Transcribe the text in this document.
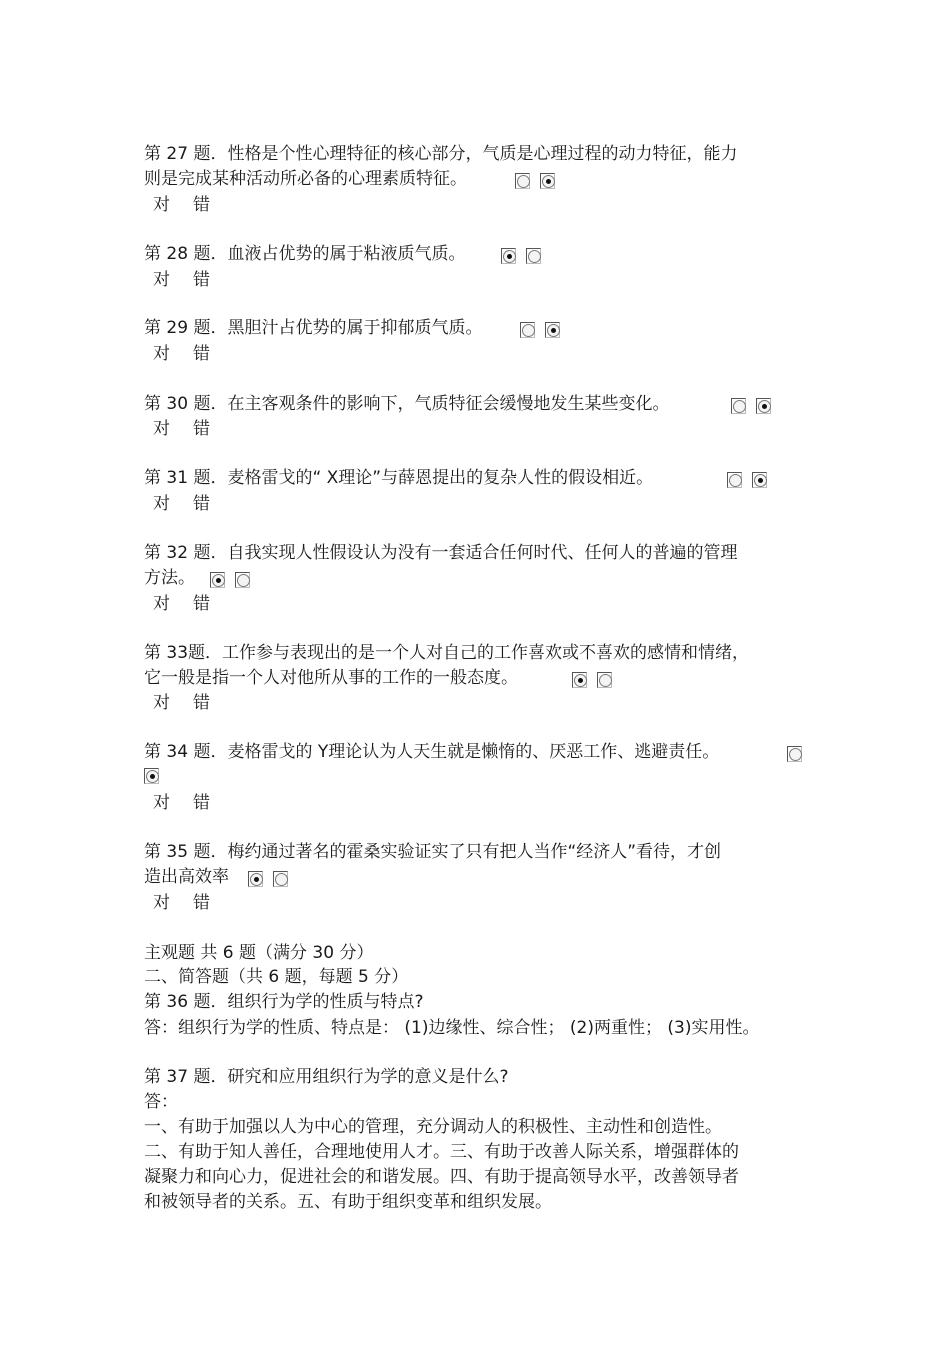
第 27 题．性格是个性心理特征的核心部分，气质是心理过程的动力特征，能力
则是完成某种活动所必备的心理素质特征。
对 错
第 28 题．血液占优势的属于粘液质气质。
对 错
第 29 题．黑胆汁占优势的属于抑郁质气质。
对 错
第 30 题．在主客观条件的影响下，气质特征会缓慢地发生某些变化。
对 错
第 31 题．麦格雷戈的“ X理论”与薛恩提出的复杂人性的假设相近。
对 错
第 32 题．自我实现人性假设认为没有一套适合任何时代、任何人的普遍的管理
方法。
对 错
第 33题．工作参与表现出的是一个人对自己的工作喜欢或不喜欢的感情和情绪，
它一般是指一个人对他所从事的工作的一般态度。
对 错
第 34 题．麦格雷戈的 Y理论认为人天生就是懒惰的、厌恶工作、逃避责任。
对 错
第 35 题．梅约通过著名的霍桑实验证实了只有把人当作“经济人”看待，才创
造出高效率
对 错
主观题 共 6 题（满分 30 分）
二、简答题（共 6 题，每题 5 分）
第 36 题．组织行为学的性质与特点?
答：组织行为学的性质、特点是： (1)边缘性、综合性； (2)两重性； (3)实用性。
第 37 题．研究和应用组织行为学的意义是什么?
答：
一、有助于加强以人为中心的管理，充分调动人的积极性、主动性和创造性。
二、有助于知人善任，合理地使用人才。三、有助于改善人际关系，增强群体的
凝聚力和向心力，促进社会的和谐发展。四、有助于提高领导水平，改善领导者
和被领导者的关系。五、有助于组织变革和组织发展。
